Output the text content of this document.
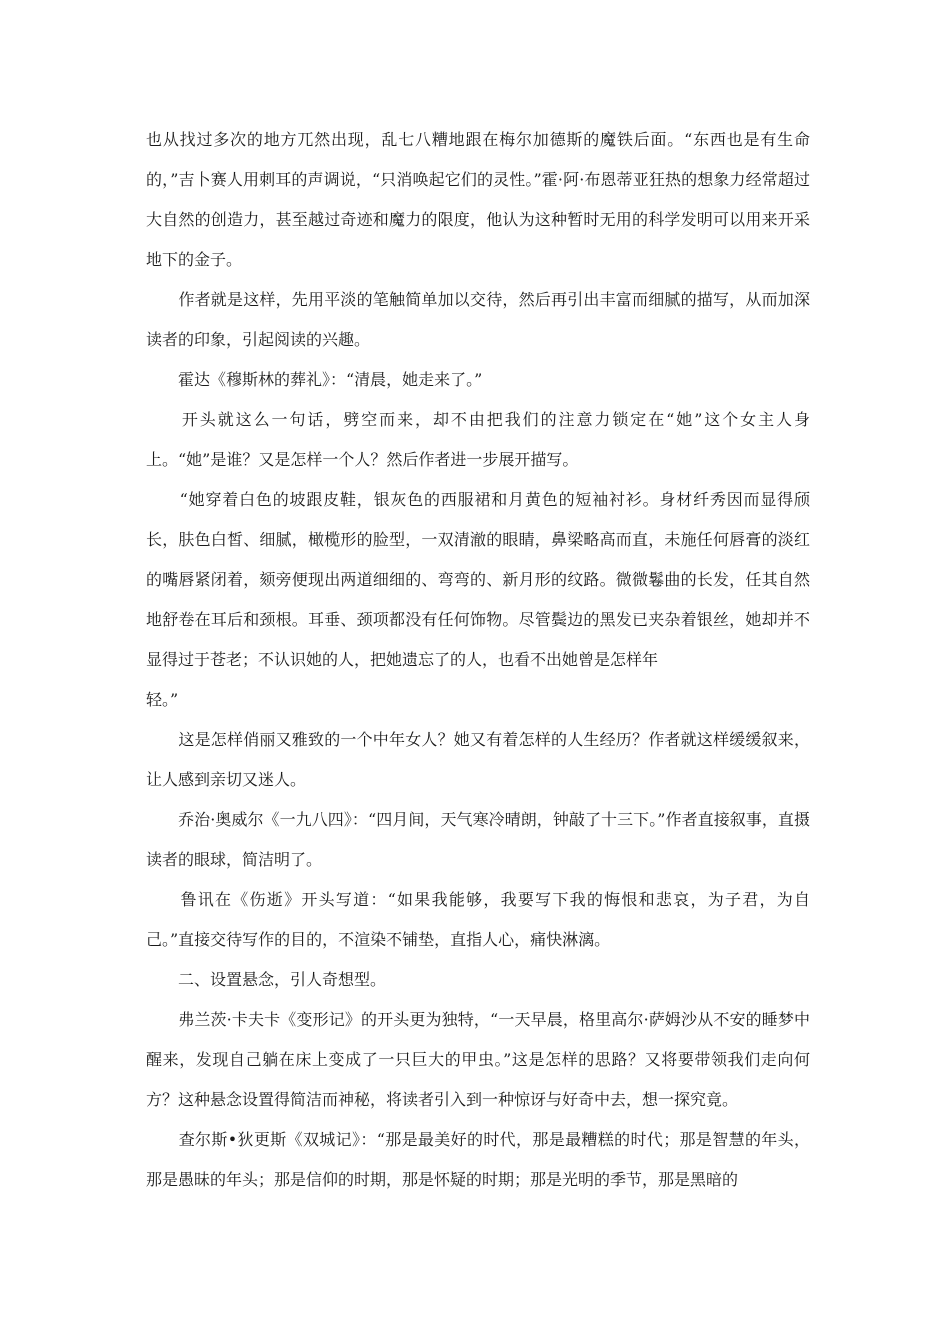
也从找过多次的地方兀然出现，乱七八糟地跟在梅尔加德斯的魔铁后面。“东西也是有生命的，”吉卜赛人用刺耳的声调说，“只消唤起它们的灵性。”霍·阿·布恩蒂亚狂热的想象力经常超过大自然的创造力，甚至越过奇迹和魔力的限度，他认为这种暂时无用的科学发明可以用来开采地下的金子。

　　作者就是这样，先用平淡的笔触简单加以交待，然后再引出丰富而细腻的描写，从而加深读者的印象，引起阅读的兴趣。

　　霍达《穆斯林的葬礼》：“清晨，她走来了。”

　　开头就这么一句话，劈空而来，却不由把我们的注意力锁定在“她”这个女主人身上。“她”是谁？又是怎样一个人？然后作者进一步展开描写。

　　“她穿着白色的坡跟皮鞋，银灰色的西服裙和月黄色的短袖衬衫。身材纤秀因而显得颀长，肤色白皙、细腻，橄榄形的脸型，一双清澈的眼睛，鼻梁略高而直，未施任何唇膏的淡红的嘴唇紧闭着，颏旁便现出两道细细的、弯弯的、新月形的纹路。微微鬈曲的长发，任其自然地舒卷在耳后和颈根。耳垂、颈项都没有任何饰物。尽管鬓边的黑发已夹杂着银丝，她却并不显得过于苍老；不认识她的人，把她遗忘了的人，也看不出她曾是怎样年
轻。”

　　这是怎样俏丽又雅致的一个中年女人？她又有着怎样的人生经历？作者就这样缓缓叙来，让人感到亲切又迷人。

　　乔治·奥威尔《一九八四》：“四月间，天气寒冷晴朗，钟敲了十三下。”作者直接叙事，直摄读者的眼球，简洁明了。

　　鲁讯在《伤逝》开头写道：“如果我能够，我要写下我的悔恨和悲哀，为子君，为自己。”直接交待写作的目的，不渲染不铺垫，直指人心，痛快淋漓。

　　二、设置悬念，引人奇想型。

　　弗兰茨·卡夫卡《变形记》的开头更为独特，“一天早晨，格里高尔·萨姆沙从不安的睡梦中醒来，发现自己躺在床上变成了一只巨大的甲虫。”这是怎样的思路？又将要带领我们走向何方？这种悬念设置得简洁而神秘，将读者引入到一种惊讶与好奇中去，想一探究竟。

　　查尔斯•狄更斯《双城记》：“那是最美好的时代，那是最糟糕的时代；那是智慧的年头，那是愚昧的年头；那是信仰的时期，那是怀疑的时期；那是光明的季节，那是黑暗的
